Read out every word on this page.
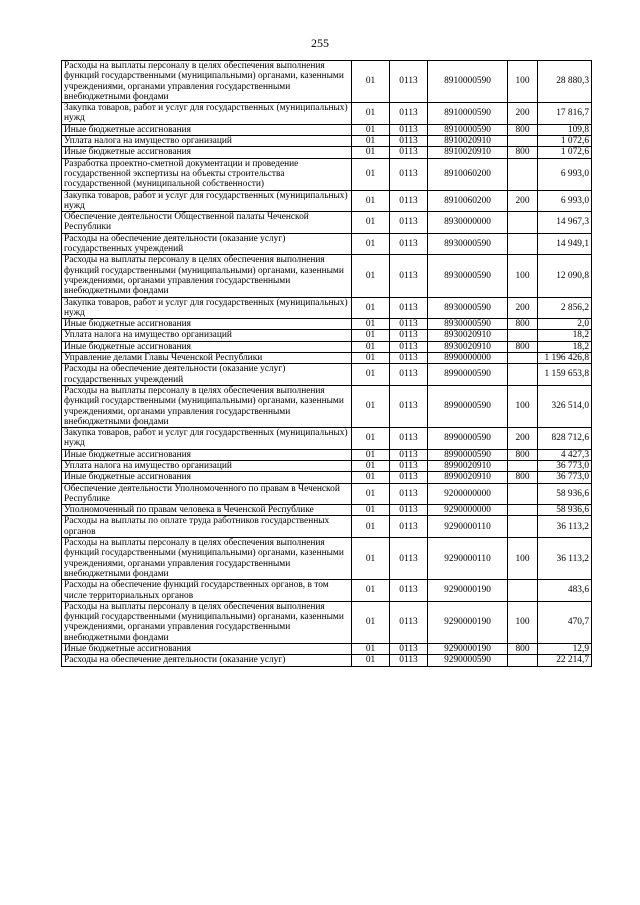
255
Расходы на выплаты персоналу в целях обеспечения выполнения функций государственными (муниципальными) органами, казенными учреждениями, органами управления государственными внебюджетными фондами	01	0113	8910000590	100	28 880,3
Закупка товаров, работ и услуг для государственных (муниципальных) нужд	01	0113	8910000590	200	17 816,7
Иные бюджетные ассигнования	01	0113	8910000590	800	109,8
Уплата налога на имущество организаций	01	0113	8910020910		1 072,6
Иные бюджетные ассигнования	01	0113	8910020910	800	1 072,6
Разработка проектно-сметной документации и проведение государственной экспертизы на объекты строительства государственной (муниципальной собственности)	01	0113	8910060200		6 993,0
Закупка товаров, работ и услуг для государственных (муниципальных) нужд	01	0113	8910060200	200	6 993,0
Обеспечение деятельности Общественной палаты Чеченской Республики	01	0113	8930000000		14 967,3
Расходы на обеспечение деятельности (оказание услуг) государственных учреждений	01	0113	8930000590		14 949,1
Расходы на выплаты персоналу в целях обеспечения выполнения функций государственными (муниципальными) органами, казенными учреждениями, органами управления государственными внебюджетными фондами	01	0113	8930000590	100	12 090,8
Закупка товаров, работ и услуг для государственных (муниципальных) нужд	01	0113	8930000590	200	2 856,2
Иные бюджетные ассигнования	01	0113	8930000590	800	2,0
Уплата налога на имущество организаций	01	0113	8930020910		18,2
Иные бюджетные ассигнования	01	0113	8930020910	800	18,2
Управление делами Главы Чеченской Республики	01	0113	8990000000		1 196 426,8
Расходы на обеспечение деятельности (оказание услуг) государственных учреждений	01	0113	8990000590		1 159 653,8
Расходы на выплаты персоналу в целях обеспечения выполнения функций государственными (муниципальными) органами, казенными учреждениями, органами управления государственными внебюджетными фондами	01	0113	8990000590	100	326 514,0
Закупка товаров, работ и услуг для государственных (муниципальных) нужд	01	0113	8990000590	200	828 712,6
Иные бюджетные ассигнования	01	0113	8990000590	800	4 427,3
Уплата налога на имущество организаций	01	0113	8990020910		36 773,0
Иные бюджетные ассигнования	01	0113	8990020910	800	36 773,0
Обеспечение деятельности Уполномоченного по правам в Чеченской Республике	01	0113	9200000000		58 936,6
Уполномоченный по правам человека в Чеченской Республике	01	0113	9290000000		58 936,6
Расходы на выплаты по оплате труда работников государственных органов	01	0113	9290000110		36 113,2
Расходы на выплаты персоналу в целях обеспечения выполнения функций государственными (муниципальными) органами, казенными учреждениями, органами управления государственными внебюджетными фондами	01	0113	9290000110	100	36 113,2
Расходы на обеспечение функций государственных органов, в том числе территориальных органов	01	0113	9290000190		483,6
Расходы на выплаты персоналу в целях обеспечения выполнения функций государственными (муниципальными) органами, казенными учреждениями, органами управления государственными внебюджетными фондами	01	0113	9290000190	100	470,7
Иные бюджетные ассигнования	01	0113	9290000190	800	12,9
Расходы на обеспечение деятельности (оказание услуг)	01	0113	9290000590		22 214,7
